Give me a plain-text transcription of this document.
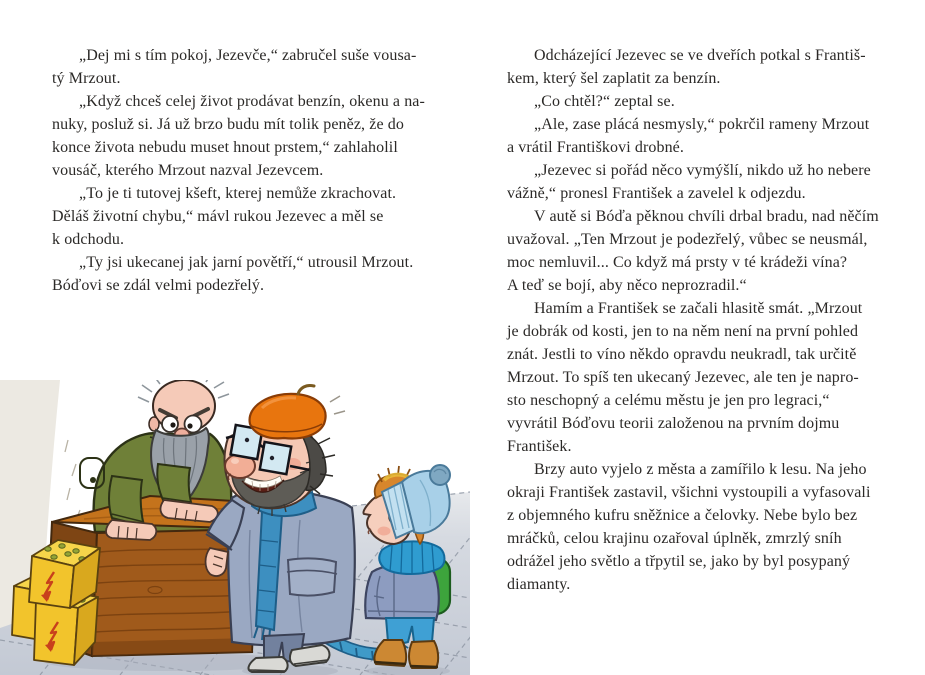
„Dej mi s tím pokoj, Jezevče,“ zabručel suše vousa-
tý Mrzout.

„Když chceš celej život prodávat benzín, okenu a na-
nuky, posluž si. Já už brzo budu mít tolik peněz, že do
konce života nebudu muset hnout prstem,“ zahlaholil
vousáč, kterého Mrzout nazval Jezevcem.

„To je ti tutovej kšeft, kterej nemůže zkrachovat.
Děláš životní chybu,“ mávl rukou Jezevec a měl se
k odchodu.

„Ty jsi ukecanej jak jarní povětří,“ utrousil Mrzout.
Bóďovi se zdál velmi podezřelý.

Odcházející Jezevec se ve dveřích potkal s Františ-
kem, který šel zaplatit za benzín.

„Co chtěl?“ zeptal se.

„Ale, zase plácá nesmysly,“ pokrčil rameny Mrzout
a vrátil Františkovi drobné.

„Jezevec si pořád něco vymýšlí, nikdo už ho nebere
vážně,“ pronesl František a zavelel k odjezdu.

V autě si Bóďa pěknou chvíli drbal bradu, nad něčím
uvažoval. „Ten Mrzout je podezřelý, vůbec se neusmál,
moc nemluvil... Co když má prsty v té krádeži vína?
A teď se bojí, aby něco neprozradil.“

Hamím a František se začali hlasitě smát. „Mrzout
je dobrák od kosti, jen to na něm není na první pohled
znát. Jestli to víno někdo opravdu neukradl, tak určitě
Mrzout. To spíš ten ukecaný Jezevec, ale ten je napro-
sto neschopný a celému městu je jen pro legraci,“
vyvrátil Bóďovu teorii založenou na prvním dojmu
František.

Brzy auto vyjelo z města a zamířilo k lesu. Na jeho
okraji František zastavil, všichni vystoupili a vyfasovali
z objemného kufru sněžnice a čelovky. Nebe bylo bez
mráčků, celou krajinu ozařoval úplněk, zmrzlý sníh
odrážel jeho světlo a třpytil se, jako by byl posypaný
diamanty.
